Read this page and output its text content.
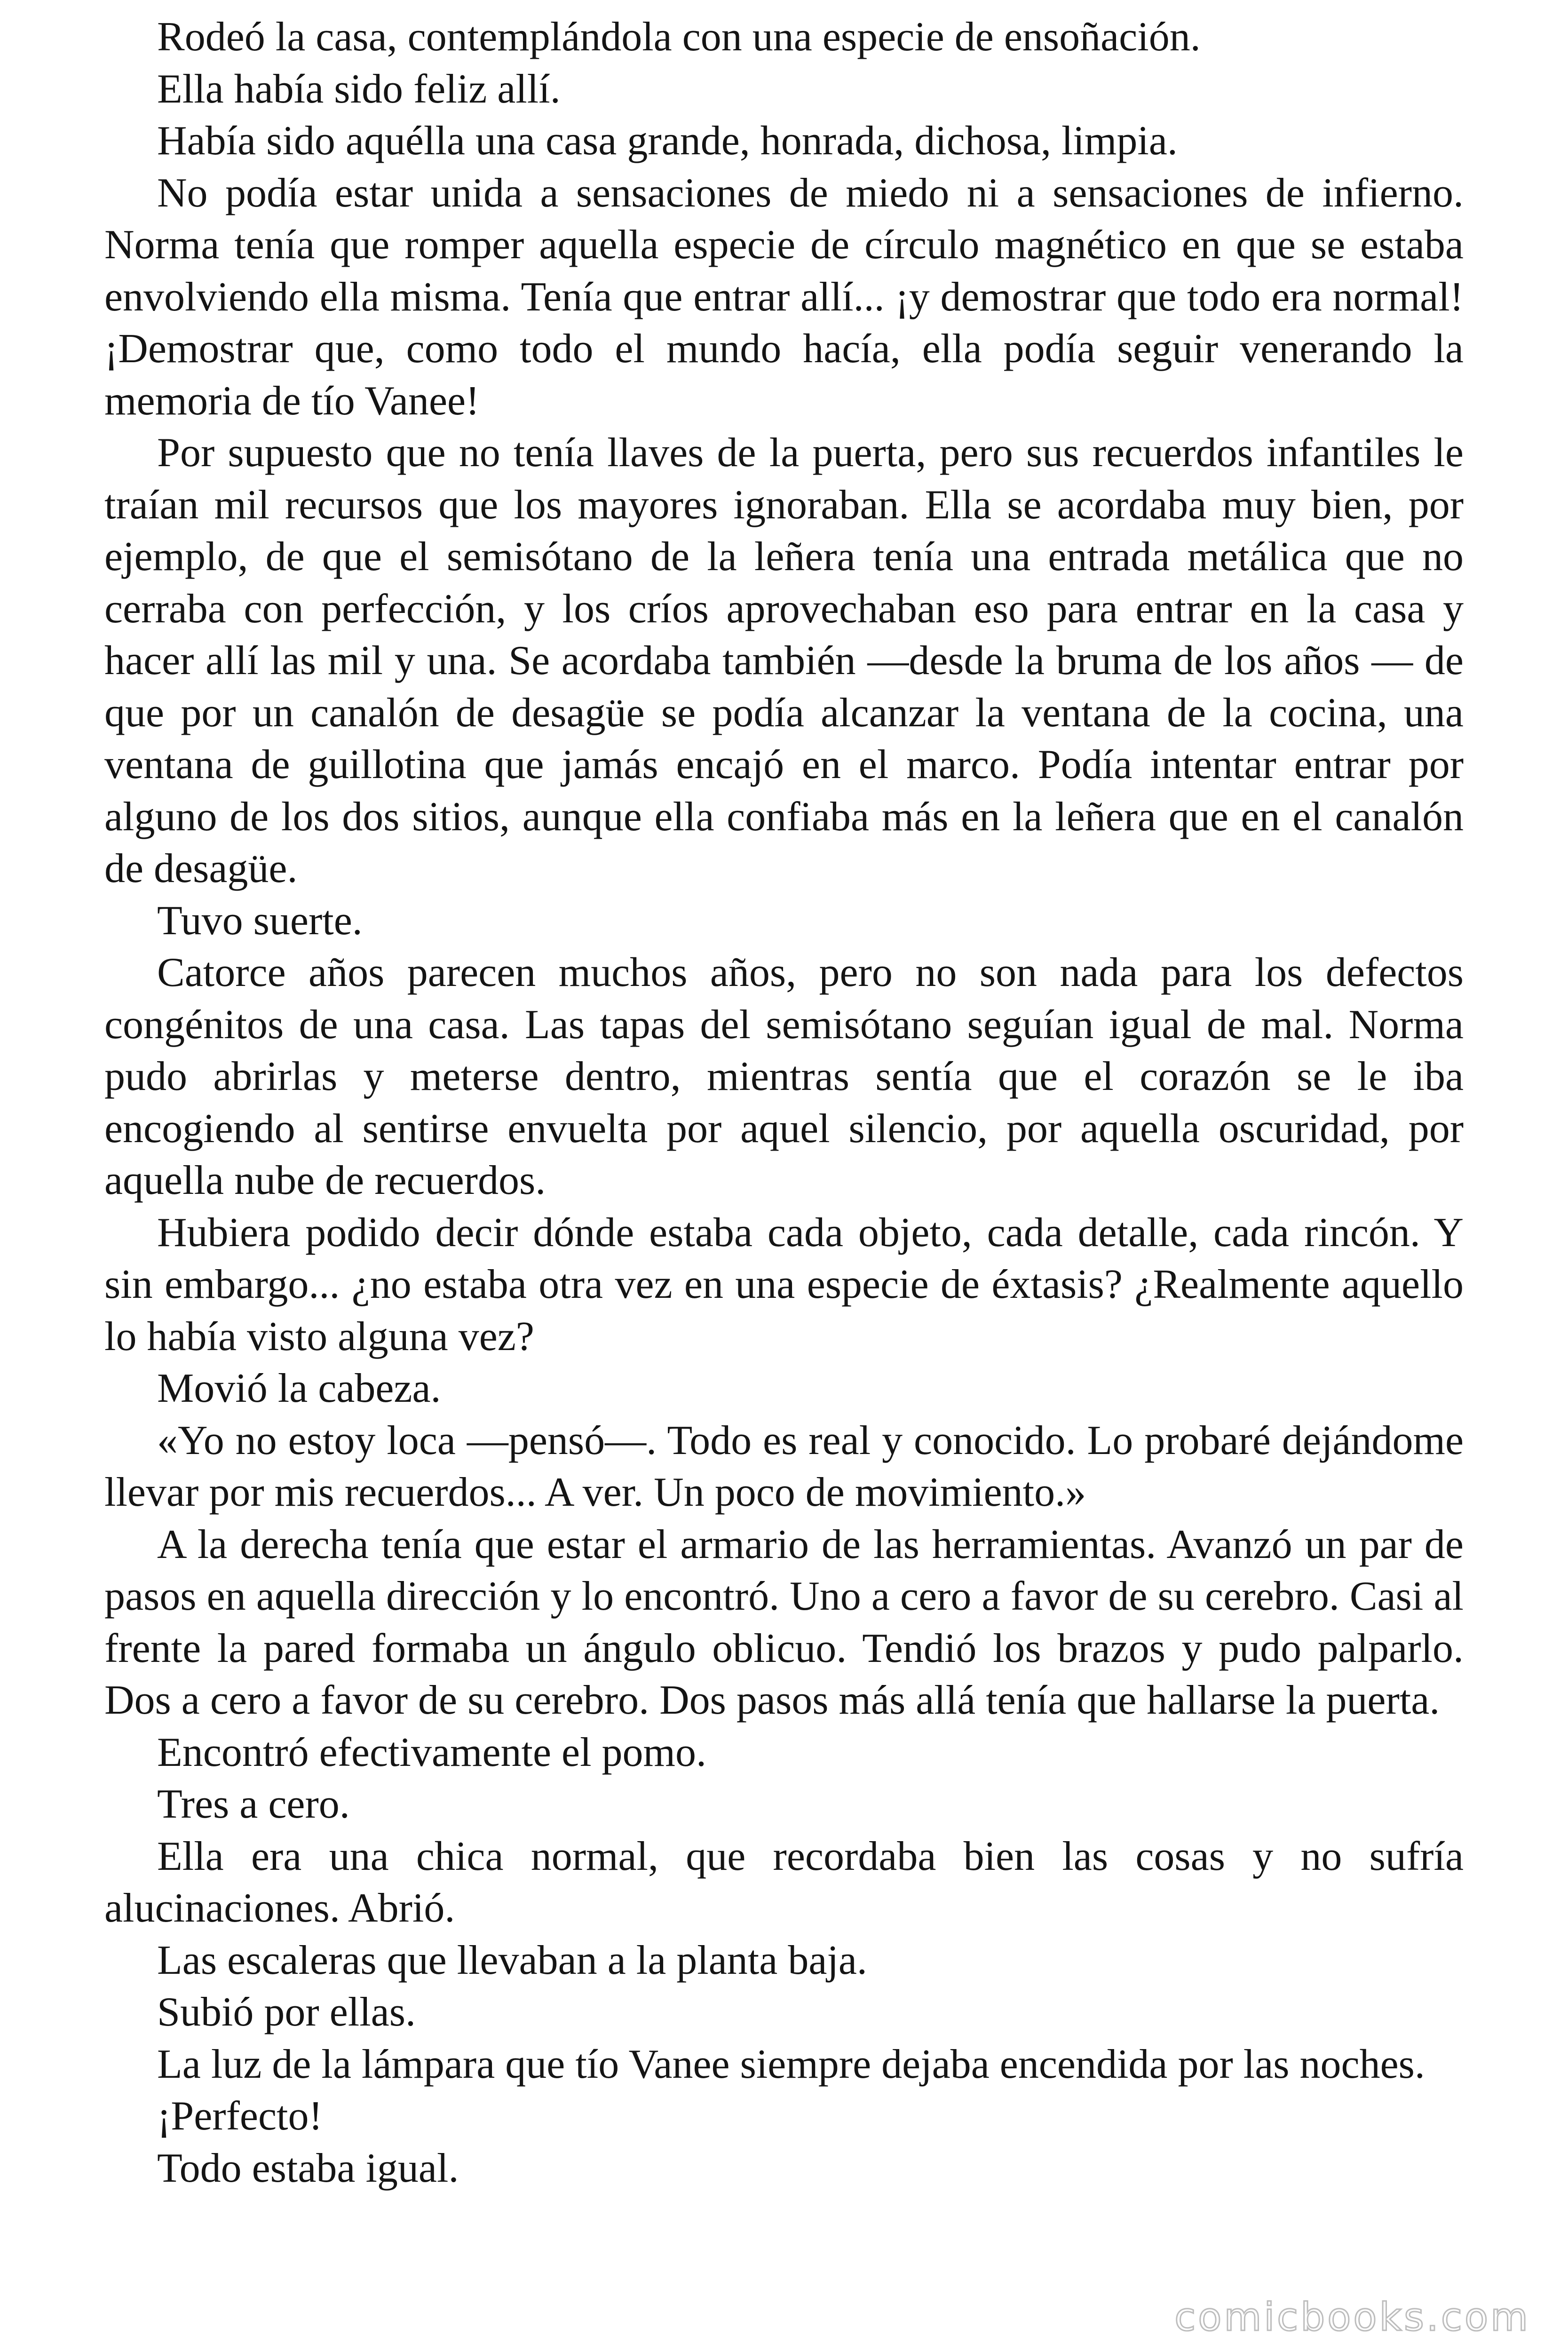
Rodeó la casa, contemplándola con una especie de ensoñación.

Ella había sido feliz allí.

Había sido aquélla una casa grande, honrada, dichosa, limpia.

No podía estar unida a sensaciones de miedo ni a sensaciones de infierno. Norma tenía que romper aquella especie de círculo magnético en que se estaba envolviendo ella misma. Tenía que entrar allí... ¡y demostrar que todo era normal! ¡Demostrar que, como todo el mundo hacía, ella podía seguir venerando la memoria de tío Vanee!

Por supuesto que no tenía llaves de la puerta, pero sus recuerdos infantiles le traían mil recursos que los mayores ignoraban. Ella se acordaba muy bien, por ejemplo, de que el semisótano de la leñera tenía una entrada metálica que no cerraba con perfección, y los críos aprovechaban eso para entrar en la casa y hacer allí las mil y una. Se acordaba también —desde la bruma de los años — de que por un canalón de desagüe se podía alcanzar la ventana de la cocina, una ventana de guillotina que jamás encajó en el marco. Podía intentar entrar por alguno de los dos sitios, aunque ella confiaba más en la leñera que en el canalón de desagüe.

Tuvo suerte.

Catorce años parecen muchos años, pero no son nada para los defectos congénitos de una casa. Las tapas del semisótano seguían igual de mal. Norma pudo abrirlas y meterse dentro, mientras sentía que el corazón se le iba encogiendo al sentirse envuelta por aquel silencio, por aquella oscuridad, por aquella nube de recuerdos.

Hubiera podido decir dónde estaba cada objeto, cada detalle, cada rincón. Y sin embargo... ¿no estaba otra vez en una especie de éxtasis? ¿Realmente aquello lo había visto alguna vez?

Movió la cabeza.

«Yo no estoy loca —pensó—. Todo es real y conocido. Lo probaré dejándome llevar por mis recuerdos... A ver. Un poco de movimiento.»

A la derecha tenía que estar el armario de las herramientas. Avanzó un par de pasos en aquella dirección y lo encontró. Uno a cero a favor de su cerebro. Casi al frente la pared formaba un ángulo oblicuo. Tendió los brazos y pudo palparlo. Dos a cero a favor de su cerebro. Dos pasos más allá tenía que hallarse la puerta.

Encontró efectivamente el pomo.

Tres a cero.

Ella era una chica normal, que recordaba bien las cosas y no sufría alucinaciones. Abrió.

Las escaleras que llevaban a la planta baja.

Subió por ellas.

La luz de la lámpara que tío Vanee siempre dejaba encendida por las noches.

¡Perfecto!

Todo estaba igual.

comicbooks.com
